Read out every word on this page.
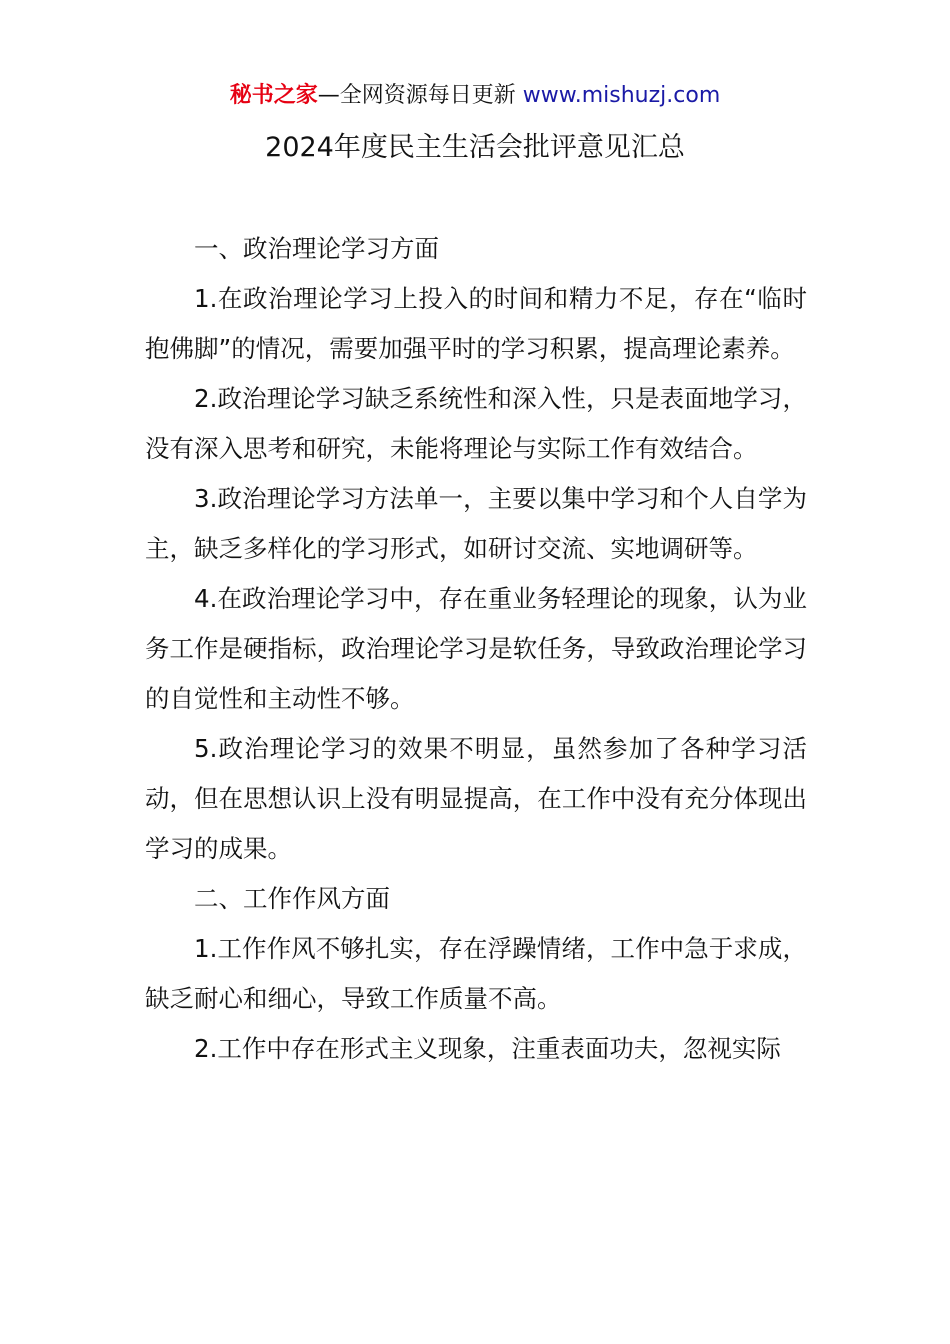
秘书之家—全网资源每日更新 www.mishuzj.com
2024年度民主生活会批评意见汇总

一、政治理论学习方面

1.在政治理论学习上投入的时间和精力不足，存在“临时抱佛脚”的情况，需要加强平时的学习积累，提高理论素养。

2.政治理论学习缺乏系统性和深入性，只是表面地学习，没有深入思考和研究，未能将理论与实际工作有效结合。

3.政治理论学习方法单一，主要以集中学习和个人自学为主，缺乏多样化的学习形式，如研讨交流、实地调研等。

4.在政治理论学习中，存在重业务轻理论的现象，认为业务工作是硬指标，政治理论学习是软任务，导致政治理论学习的自觉性和主动性不够。

5.政治理论学习的效果不明显，虽然参加了各种学习活动，但在思想认识上没有明显提高，在工作中没有充分体现出学习的成果。

二、工作作风方面

1.工作作风不够扎实，存在浮躁情绪，工作中急于求成，缺乏耐心和细心，导致工作质量不高。

2.工作中存在形式主义现象，注重表面功夫，忽视实际
